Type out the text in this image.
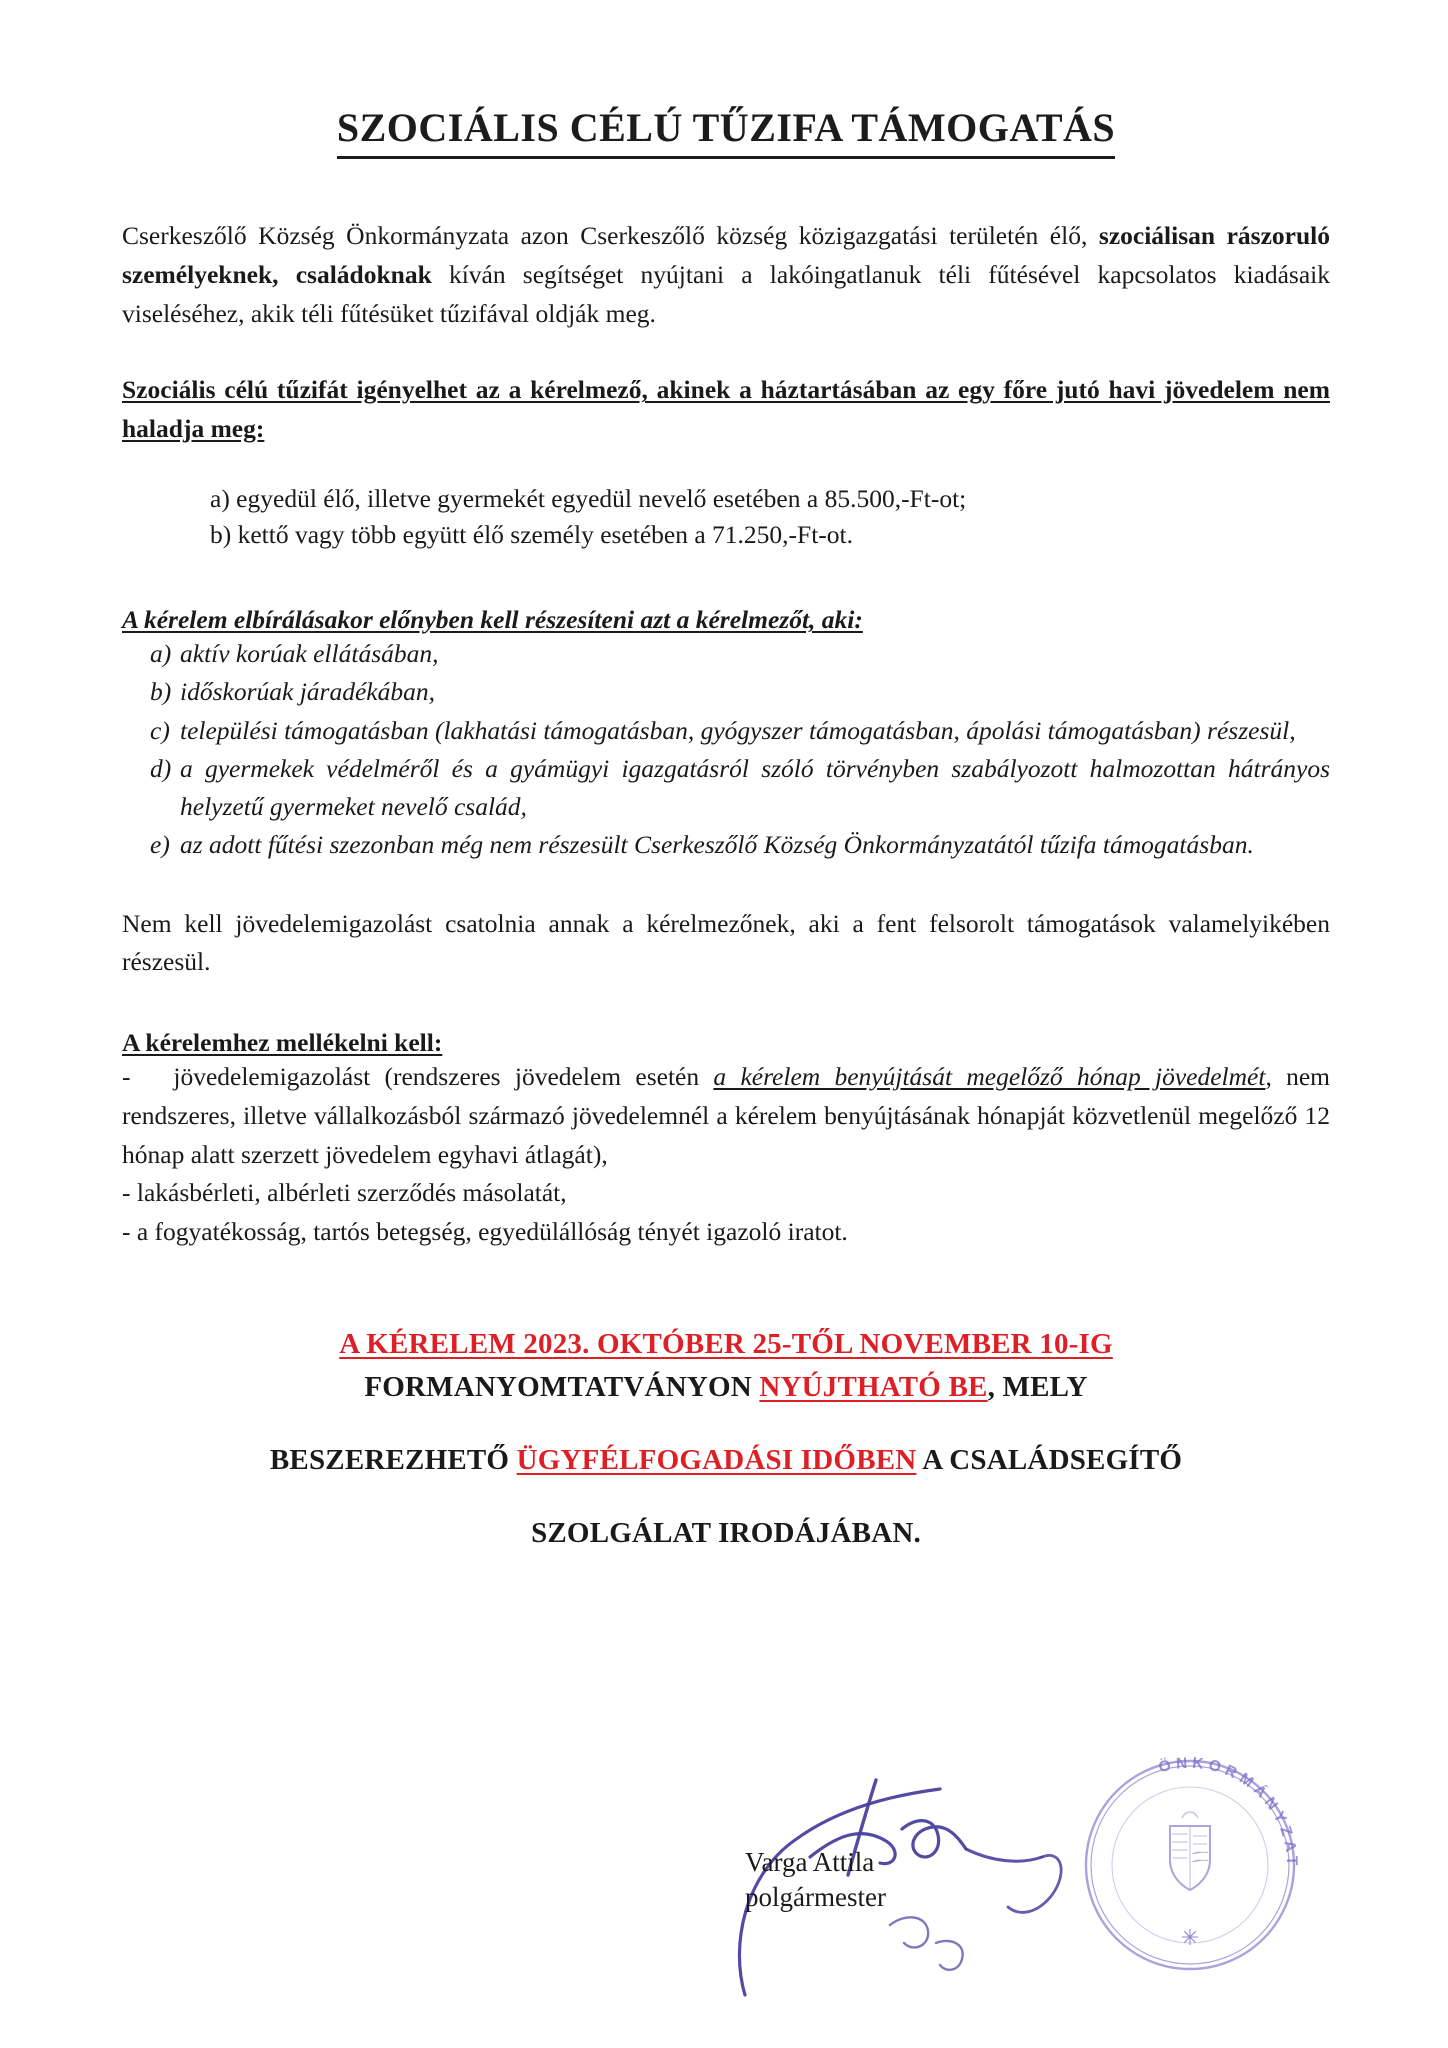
SZOCIÁLIS CÉLÚ TŰZIFA TÁMOGATÁS

Cserkeszőlő Község Önkormányzata azon Cserkeszőlő község közigazgatási területén élő, szociálisan rászoruló személyeknek, családoknak kíván segítséget nyújtani a lakóingatlanuk téli fűtésével kapcsolatos kiadásaik viseléséhez, akik téli fűtésüket tűzifával oldják meg.

Szociális célú tűzifát igényelhet az a kérelmező, akinek a háztartásában az egy főre jutó havi jövedelem nem haladja meg:

a) egyedül élő, illetve gyermekét egyedül nevelő esetében a 85.500,-Ft-ot;
b) kettő vagy több együtt élő személy esetében a 71.250,-Ft-ot.

A kérelem elbírálásakor előnyben kell részesíteni azt a kérelmezőt, aki:

a) aktív korúak ellátásában,
b) időskorúak járadékában,
c) települési támogatásban (lakhatási támogatásban, gyógyszer támogatásban, ápolási támogatásban) részesül,
d) a gyermekek védelméről és a gyámügyi igazgatásról szóló törvényben szabályozott halmozottan hátrányos helyzetű gyermeket nevelő család,
e) az adott fűtési szezonban még nem részesült Cserkeszőlő Község Önkormányzatától tűzifa támogatásban.

Nem kell jövedelemigazolást csatolnia annak a kérelmezőnek, aki a fent felsorolt támogatások valamelyikében részesül.

A kérelemhez mellékelni kell:

- jövedelemigazolást (rendszeres jövedelem esetén a kérelem benyújtását megelőző hónap jövedelmét, nem rendszeres, illetve vállalkozásból származó jövedelemnél a kérelem benyújtásának hónapját közvetlenül megelőző 12 hónap alatt szerzett jövedelem egyhavi átlagát),

- lakásbérleti, albérleti szerződés másolatát,

- a fogyatékosság, tartós betegség, egyedülállóság tényét igazoló iratot.

A KÉRELEM 2023. OKTÓBER 25-TŐL NOVEMBER 10-IG

FORMANYOMTATVÁNYON NYÚJTHATÓ BE, MELY

BESZEREZHETŐ ÜGYFÉLFOGADÁSI IDŐBEN A CSALÁDSEGÍTŐ

SZOLGÁLAT IRODÁJÁBAN.

ÖNKORMÁNYZAT
✳

Varga Attila

polgármester
